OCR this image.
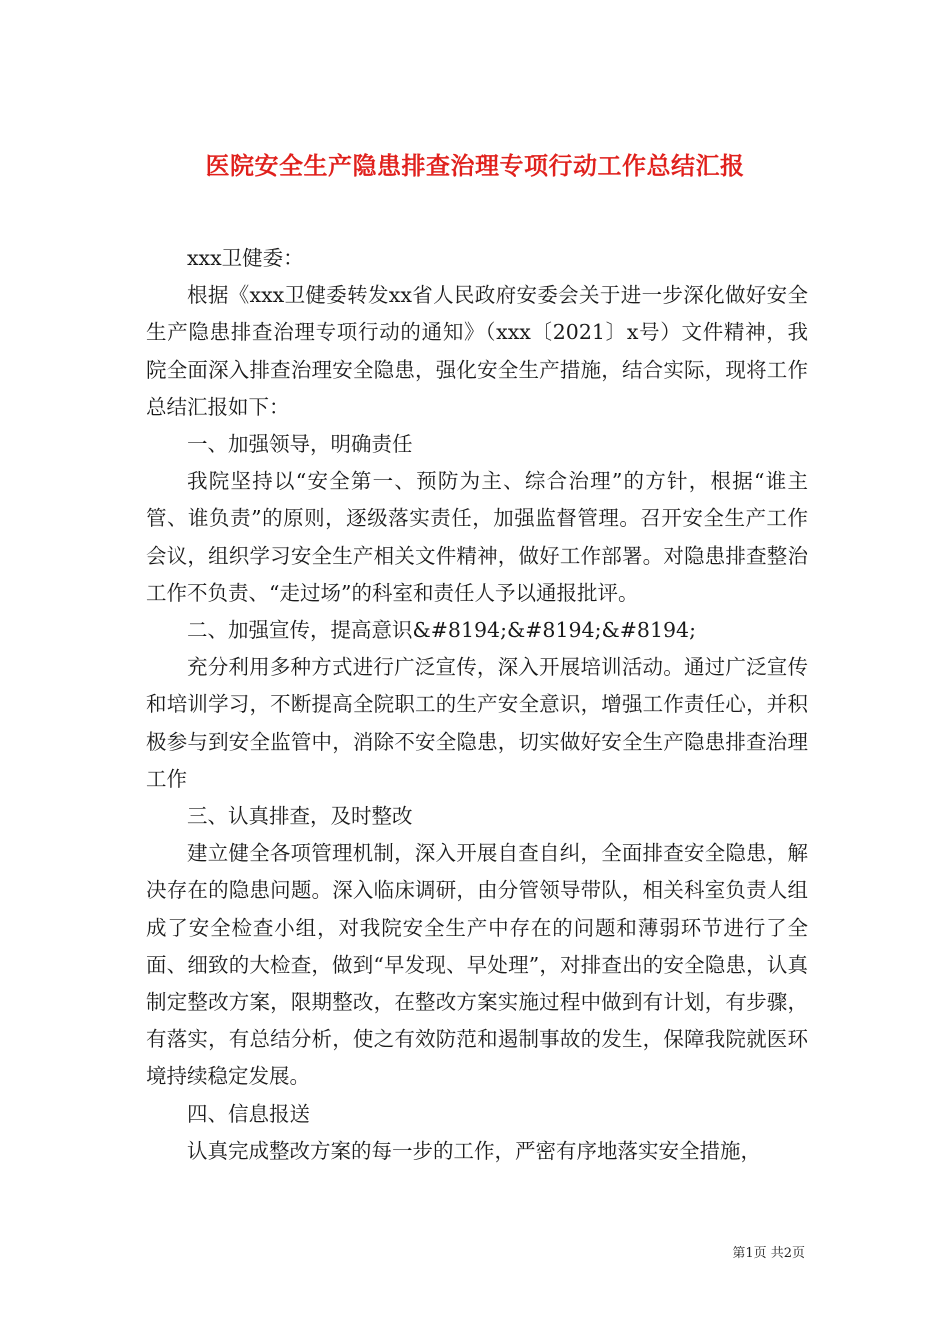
医院安全生产隐患排查治理专项行动工作总结汇报

xxx卫健委：

根据《xxx卫健委转发xx省人民政府安委会关于进一步深化做好安全生产隐患排查治理专项行动的通知》（xxx〔2021〕x号）文件精神，我院全面深入排查治理安全隐患，强化安全生产措施，结合实际，现将工作总结汇报如下：

一、加强领导，明确责任

我院坚持以“安全第一、预防为主、综合治理”的方针，根据“谁主管、谁负责”的原则，逐级落实责任，加强监督管理。召开安全生产工作会议，组织学习安全生产相关文件精神，做好工作部署。对隐患排查整治工作不负责、“走过场”的科室和责任人予以通报批评。

二、加强宣传，提高意识&#8194;&#8194;&#8194;

充分利用多种方式进行广泛宣传，深入开展培训活动。通过广泛宣传和培训学习，不断提高全院职工的生产安全意识，增强工作责任心，并积极参与到安全监管中，消除不安全隐患，切实做好安全生产隐患排查治理工作

三、认真排查，及时整改

建立健全各项管理机制，深入开展自查自纠，全面排查安全隐患，解决存在的隐患问题。深入临床调研，由分管领导带队，相关科室负责人组成了安全检查小组，对我院安全生产中存在的问题和薄弱环节进行了全面、细致的大检查，做到“早发现、早处理”，对排查出的安全隐患，认真制定整改方案，限期整改，在整改方案实施过程中做到有计划，有步骤，有落实，有总结分析，使之有效防范和遏制事故的发生，保障我院就医环境持续稳定发展。

四、信息报送

认真完成整改方案的每一步的工作，严密有序地落实安全措施，

第1页 共2页
